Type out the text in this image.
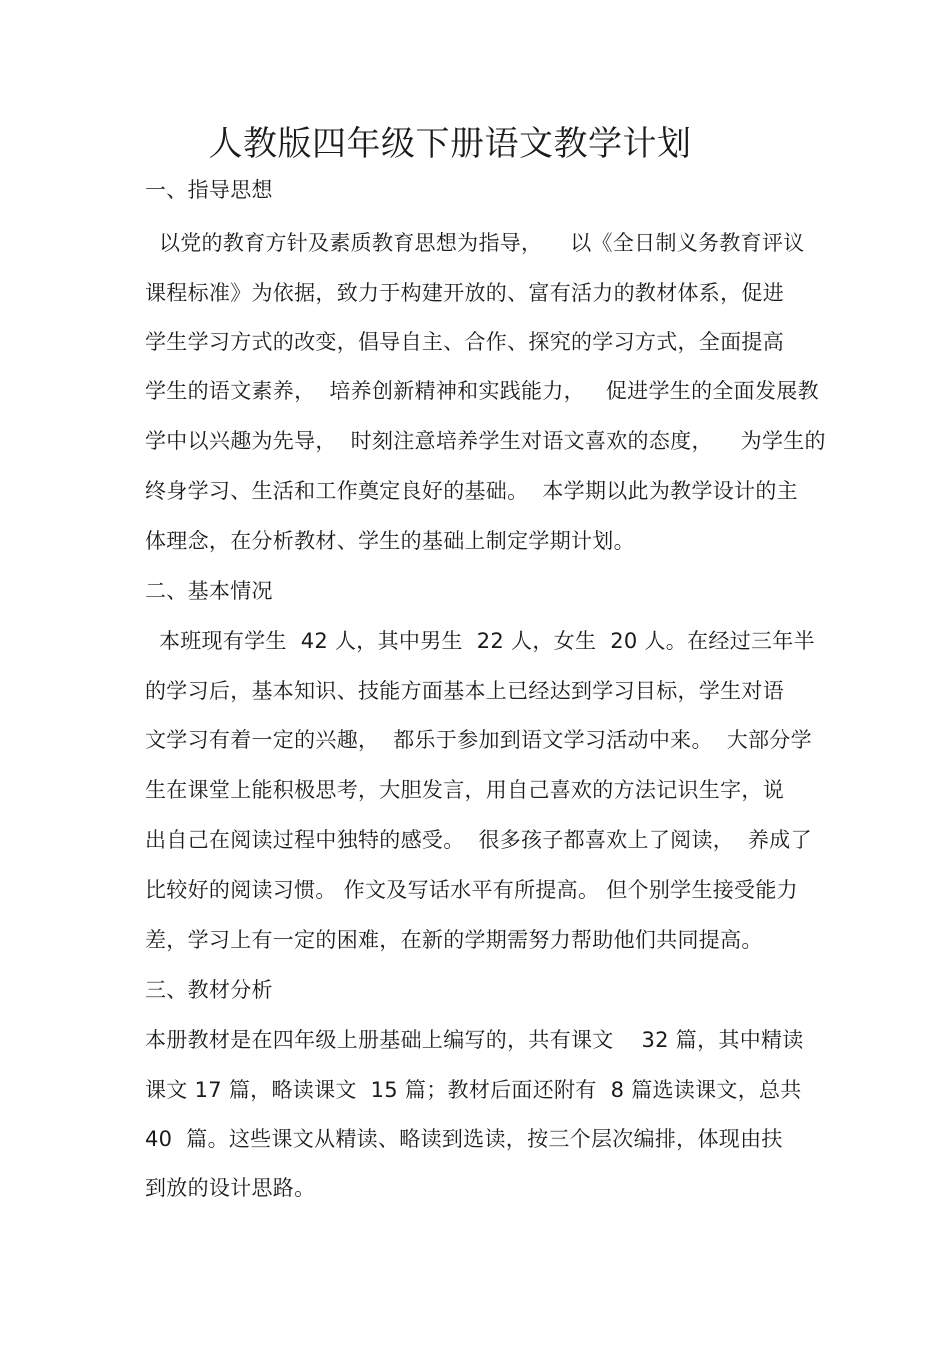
人教版四年级下册语文教学计划
一、指导思想
以党的教育方针及素质教育思想为指导，    以《全日制义务教育评议
课程标准》为依据，致力于构建开放的、富有活力的教材体系，促进
学生学习方式的改变，倡导自主、合作、探究的学习方式，全面提高
学生的语文素养，  培养创新精神和实践能力，   促进学生的全面发展教
学中以兴趣为先导，  时刻注意培养学生对语文喜欢的态度，    为学生的
终身学习、生活和工作奠定良好的基础。  本学期以此为教学设计的主
体理念，在分析教材、学生的基础上制定学期计划。
二、基本情况
本班现有学生  42 人，其中男生  22 人，女生  20 人。在经过三年半
的学习后，基本知识、技能方面基本上已经达到学习目标，学生对语
文学习有着一定的兴趣，  都乐于参加到语文学习活动中来。  大部分学
生在课堂上能积极思考，大胆发言，用自己喜欢的方法记识生字，说
出自己在阅读过程中独特的感受。  很多孩子都喜欢上了阅读，  养成了
比较好的阅读习惯。 作文及写话水平有所提高。 但个别学生接受能力
差，学习上有一定的困难，在新的学期需努力帮助他们共同提高。
三、教材分析
本册教材是在四年级上册基础上编写的，共有课文    32 篇，其中精读
课文 17 篇，略读课文  15 篇；教材后面还附有  8 篇选读课文，总共
40  篇。这些课文从精读、略读到选读，按三个层次编排，体现由扶
到放的设计思路。
